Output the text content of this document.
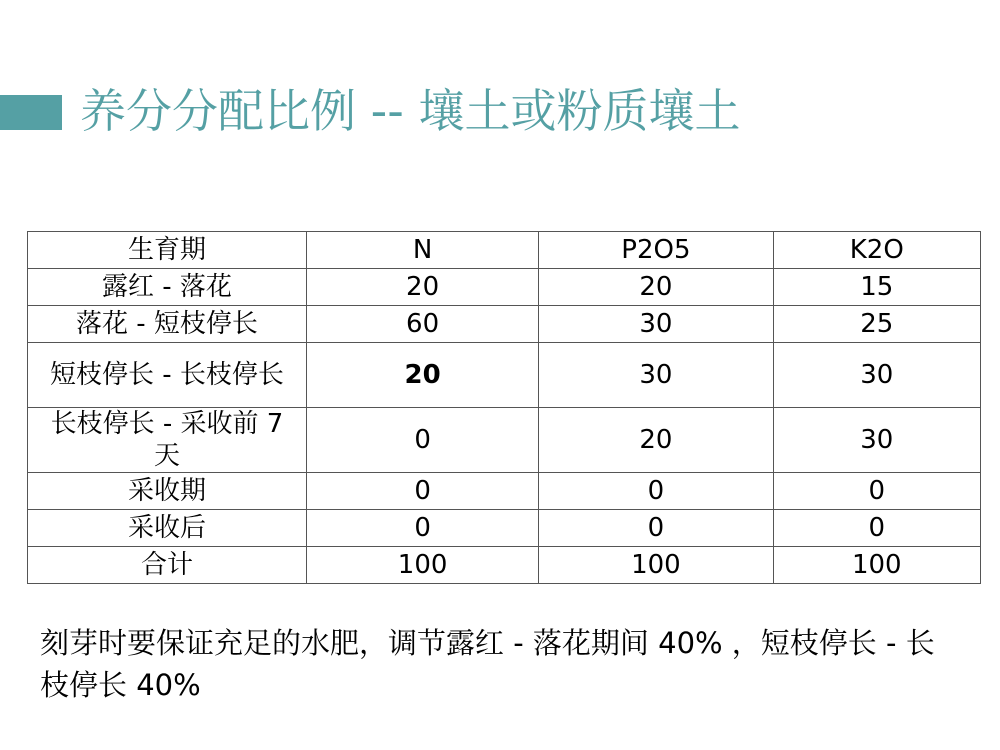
养分分配比例 -- 壤土或粉质壤土
生育期	N	P2O5	K2O
露红 - 落花	20	20	15
落花 - 短枝停长	60	30	25
短枝停长 - 长枝停长	20	30	30
长枝停长 - 采收前 7 天	0	20	30
采收期	0	0	0
采收后	0	0	0
合计	100	100	100
刻芽时要保证充足的水肥，调节露红 - 落花期间 40% ，短枝停长 - 长枝停长 40%
